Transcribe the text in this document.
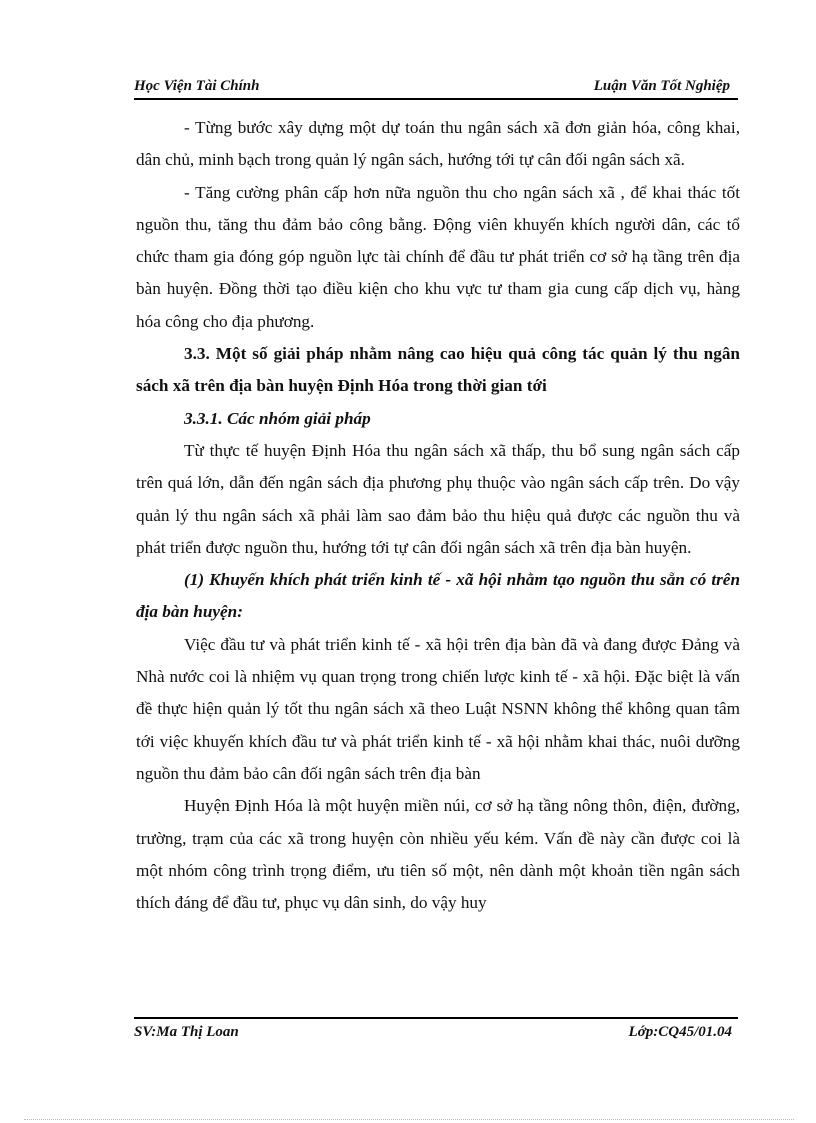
Học Viện Tài Chính	Luận Văn Tốt Nghiệp

- Từng bước xây dựng một dự toán thu ngân sách xã đơn giản hóa, công khai, dân chủ, minh bạch trong quản lý ngân sách, hướng tới tự cân đối ngân sách xã.

- Tăng cường phân cấp hơn nữa nguồn thu cho ngân sách xã , để khai thác tốt nguồn thu, tăng thu đảm bảo công bằng. Động viên khuyến khích người dân, các tổ chức tham gia đóng góp nguồn lực tài chính để đầu tư phát triển cơ sở hạ tầng trên địa bàn huyện. Đồng thời tạo điều kiện cho khu vực tư tham gia cung cấp dịch vụ, hàng hóa công cho địa phương.

3.3. Một số giải pháp nhằm nâng cao hiệu quả công tác quản lý thu ngân sách xã trên địa bàn huyện Định Hóa trong thời gian tới

3.3.1. Các nhóm giải pháp

Từ thực tế huyện Định Hóa thu ngân sách xã thấp, thu bổ sung ngân sách cấp trên quá lớn, dẫn đến ngân sách địa phương phụ thuộc vào ngân sách cấp trên. Do vậy quản lý thu ngân sách xã phải làm sao đảm bảo thu hiệu quả được các nguồn thu và phát triển được nguồn thu, hướng tới tự cân đối ngân sách xã trên địa bàn huyện.

(1) Khuyến khích phát triển kinh tế - xã hội nhằm tạo nguồn thu sẵn có trên địa bàn huyện:

Việc đầu tư và phát triển kinh tế - xã hội trên địa bàn đã và đang được Đảng và Nhà nước coi là nhiệm vụ quan trọng trong chiến lược kinh tế - xã hội. Đặc biệt là vấn đề thực hiện quản lý tốt thu ngân sách xã theo Luật NSNN không thể không quan tâm tới việc khuyến khích đầu tư và phát triển kinh tế - xã hội nhằm khai thác, nuôi dưỡng nguồn thu đảm bảo cân đối ngân sách trên địa bàn

Huyện Định Hóa là một huyện miền núi, cơ sở hạ tầng nông thôn, điện, đường, trường, trạm của các xã trong huyện còn nhiều yếu kém. Vấn đề này cần được coi là một nhóm công trình trọng điểm, ưu tiên số một, nên dành một khoản tiền ngân sách thích đáng để đầu tư, phục vụ dân sinh, do vậy huy

SV:Ma Thị Loan	Lớp:CQ45/01.04
